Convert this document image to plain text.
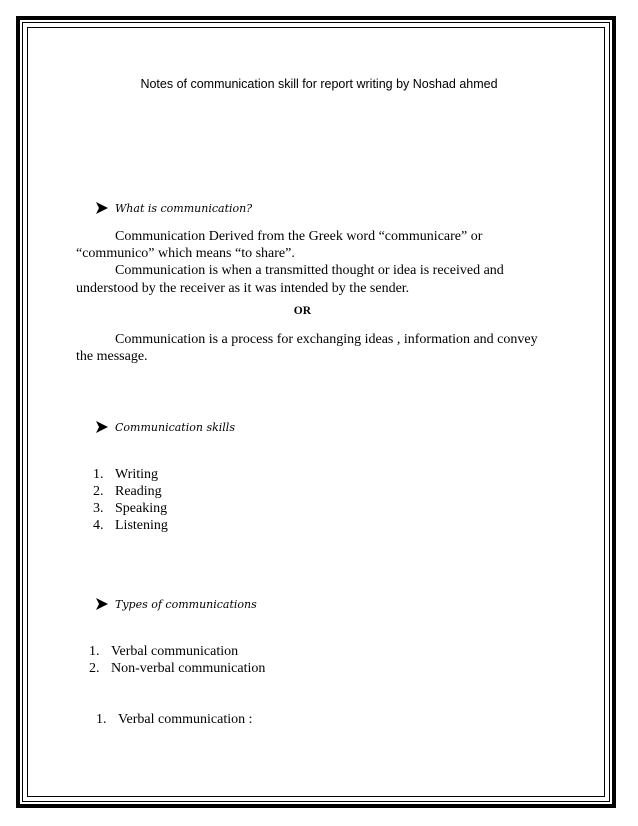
Notes of communication skill for report writing by Noshad ahmed
What is communication?
Communication Derived from the Greek word “communicare” or
“communico” which means “to share”.
Communication is when a transmitted thought or idea is received and
understood by the receiver as it was intended by the sender.
OR
Communication is a process for exchanging ideas , information and convey
the message.
Communication skills
1. Writing
2. Reading
3. Speaking
4. Listening
Types of communications
1. Verbal communication
2. Non-verbal communication
1. Verbal communication :
